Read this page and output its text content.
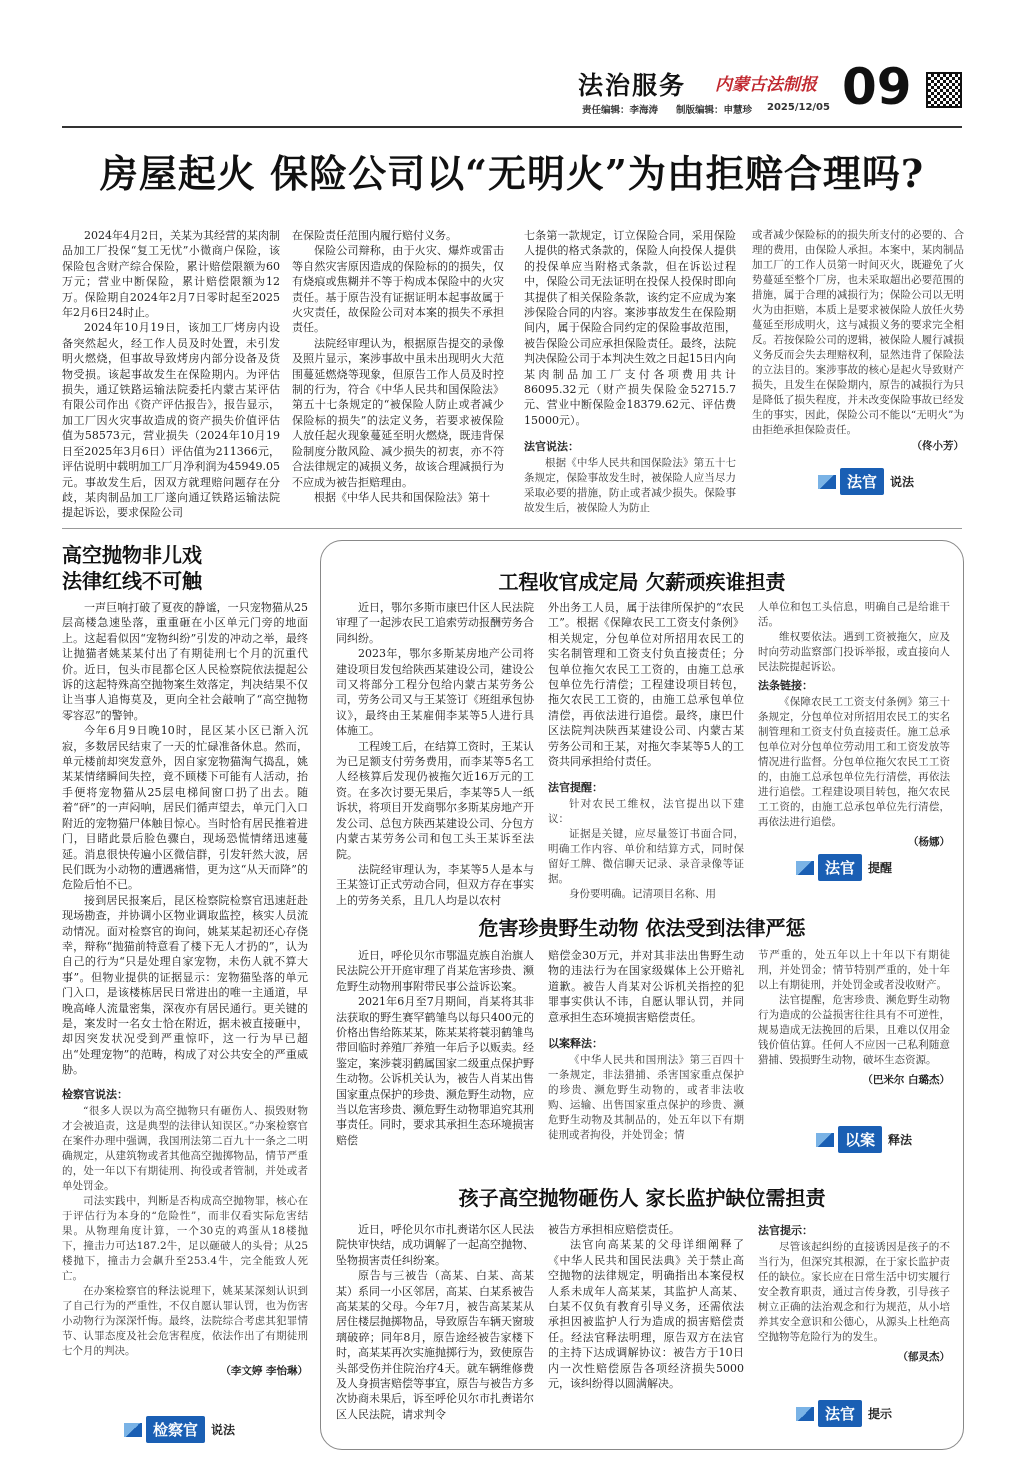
法治服务 内蒙古法制报 09
责任编辑：李海涛 制版编辑：申慧珍 2025/12/05
房屋起火 保险公司以“无明火”为由拒赔合理吗?

2024年4月2日，关某为其经营的某肉制品加工厂投保“复工无忧”小微商户保险，该保险包含财产综合保险，累计赔偿限额为60万元；营业中断保险，累计赔偿限额为12万。保险期自2024年2月7日零时起至2025年2月6日24时止。

2024年10月19日，该加工厂烤房内设备突然起火，经工作人员及时处置，未引发明火燃烧，但事故导致烤房内部分设备及货物受损。该起事故发生在保险期内。为评估损失，通辽铁路运输法院委托内蒙古某评估有限公司作出《资产评估报告》，报告显示，加工厂因火灾事故造成的资产损失价值评估值为58573元，营业损失（2024年10月19日至2025年3月6日）评估值为211366元，评估说明中载明加工厂月净利润为45949.05元。事故发生后，因双方就理赔问题存在分歧，某肉制品加工厂遂向通辽铁路运输法院提起诉讼，要求保险公司

在保险责任范围内履行赔付义务。

保险公司辩称，由于火灾、爆炸或雷击等自然灾害原因造成的保险标的的损失，仅有烧痕或焦糊并不等于构成本保险中的火灾责任。基于原告没有证据证明本起事故属于火灾责任，故保险公司对本案的损失不承担责任。

法院经审理认为，根据原告提交的录像及照片显示，案涉事故中虽未出现明火大范围蔓延燃烧等现象，但原告工作人员及时控制的行为，符合《中华人民共和国保险法》第五十七条规定的“被保险人防止或者减少保险标的损失”的法定义务，若要求被保险人放任起火现象蔓延至明火燃烧，既违背保险制度分散风险、减少损失的初衷，亦不符合法律规定的减损义务，故该合理减损行为不应成为被告拒赔理由。

根据《中华人民共和国保险法》第十

七条第一款规定，订立保险合同，采用保险人提供的格式条款的，保险人向投保人提供的投保单应当附格式条款，但在诉讼过程中，保险公司无法证明在投保人投保时即向其提供了相关保险条款，该约定不应成为案涉保险合同的内容。案涉事故发生在保险期间内，属于保险合同约定的保险事故范围，被告保险公司应承担保险责任。最终，法院判决保险公司于本判决生效之日起15日内向某肉制品加工厂支付各项费用共计86095.32元（财产损失保险金52715.7元、营业中断保险金18379.62元、评估费15000元）。

法官说法：

根据《中华人民共和国保险法》第五十七条规定，保险事故发生时，被保险人应当尽力采取必要的措施，防止或者减少损失。保险事故发生后，被保险人为防止

或者减少保险标的的损失所支付的必要的、合理的费用，由保险人承担。本案中，某肉制品加工厂的工作人员第一时间灭火，既避免了火势蔓延至整个厂房，也未采取超出必要范围的措施，属于合理的减损行为；保险公司以无明火为由拒赔，本质上是要求被保险人放任火势蔓延至形成明火，这与减损义务的要求完全相反。若按保险公司的逻辑，被保险人履行减损义务反而会失去理赔权利，显然违背了保险法的立法目的。案涉事故的核心是起火导致财产损失，且发生在保险期内，原告的减损行为只是降低了损失程度，并未改变保险事故已经发生的事实，因此，保险公司不能以“无明火”为由拒绝承担保险责任。

（佟小芳）
法官	说法
高空抛物非儿戏
法律红线不可触

一声巨响打破了夏夜的静谧，一只宠物猫从25层高楼急速坠落，重重砸在小区单元门旁的地面上。这起看似因“宠物纠纷”引发的冲动之举，最终让抛猫者姚某某付出了有期徒刑七个月的沉重代价。近日，包头市昆都仑区人民检察院依法提起公诉的这起特殊高空抛物案生效落定，判决结果不仅让当事人追悔莫及，更向全社会敲响了“高空抛物零容忍”的警钟。

今年6月9日晚10时，昆区某小区已渐入沉寂，多数居民结束了一天的忙碌准备休息。然而，单元楼前却突发意外，因自家宠物猫淘气捣乱，姚某某情绪瞬间失控，竟不顾楼下可能有人活动，抬手便将宠物猫从25层电梯间窗口扔了出去。随着“砰”的一声闷响，居民们循声望去，单元门入口附近的宠物猫尸体触目惊心。当时恰有居民推着进门，目睹此景后脸色骤白，现场恐慌情绪迅速蔓延。消息很快传遍小区微信群，引发轩然大波，居民们既为小动物的遭遇痛惜，更为这“从天而降”的危险后怕不已。

接到居民报案后，昆区检察院检察官迅速赶赴现场勘查，并协调小区物业调取监控，核实人员流动情况。面对检察官的询问，姚某某起初还心存侥幸，辩称“抛猫前特意看了楼下无人才扔的”，认为自己的行为“只是处理自家宠物，未伤人就不算大事”。但物业提供的证据显示：宠物猫坠落的单元门入口，是该楼栋居民日常进出的唯一主通道，早晚高峰人流量密集，深夜亦有居民通行。更关键的是，案发时一名女士恰在附近，据未被直接砸中，却因突发状况受到严重惊吓，这一行为早已超出“处理宠物”的范畴，构成了对公共安全的严重威胁。

检察官说法：

“很多人误以为高空抛物只有砸伤人、损毁财物才会被追责，这是典型的法律认知误区。”办案检察官在案件办理中强调，我国刑法第二百九十一条之二明确规定，从建筑物或者其他高空抛掷物品，情节严重的，处一年以下有期徒刑、拘役或者管制，并处或者单处罚金。

司法实践中，判断是否构成高空抛物罪，核心在于评估行为本身的“危险性”，而非仅看实际危害结果。从物理角度计算，一个30克的鸡蛋从18楼抛下，撞击力可达187.2牛，足以砸破人的头骨；从25楼抛下，撞击力会飙升至253.4牛，完全能致人死亡。

在办案检察官的释法说理下，姚某某深刻认识到了自己行为的严重性，不仅自愿认罪认罚，也为伤害小动物行为深深忏悔。最终，法院综合考虑其犯罪情节、认罪态度及社会危害程度，依法作出了有期徒刑七个月的判决。

（李文婷 李怡琳）
检察官	说法
工程收官成定局 欠薪顽疾谁担责

近日，鄂尔多斯市康巴什区人民法院审理了一起涉农民工追索劳动报酬劳务合同纠纷。

2023年，鄂尔多斯某房地产公司将建设项目发包给陕西某建设公司，建设公司又将部分工程分包给内蒙古某劳务公司，劳务公司又与王某签订《班组承包协议》，最终由王某雇佣李某等5人进行具体施工。

工程竣工后，在结算工资时，王某认为已足额支付劳务费用，而李某等5名工人经核算后发现仍被拖欠近16万元的工资。在多次讨要无果后，李某等5人一纸诉状，将项目开发商鄂尔多斯某房地产开发公司、总包方陕西某建设公司、分包方内蒙古某劳务公司和包工头王某诉至法院。

法院经审理认为，李某等5人是本与王某签订正式劳动合同，但双方存在事实上的劳务关系，且几人均是以农村

外出务工人员，属于法律所保护的“农民工”。根据《保障农民工工资支付条例》相关规定，分包单位对所招用农民工的实名制管理和工资支付负直接责任；分包单位拖欠农民工工资的，由施工总承包单位先行清偿；工程建设项目转包，拖欠农民工工资的，由施工总承包单位清偿，再依法进行追偿。最终，康巴什区法院判决陕西某建设公司、内蒙古某劳务公司和王某，对拖欠李某等5人的工资共同承担给付责任。

法官提醒：

针对农民工维权，法官提出以下建议：

证据是关键，应尽量签订书面合同，明确工作内容、单价和结算方式，同时保留好工牌、微信聊天记录、录音录像等证据。

身份要明确。记清项目名称、用

人单位和包工头信息，明确自己是给谁干活。

维权要依法。遇到工资被拖欠，应及时向劳动监察部门投诉举报，或直接向人民法院提起诉讼。

法条链接：

《保障农民工工资支付条例》第三十条规定，分包单位对所招用农民工的实名制管理和工资支付负直接责任。施工总承包单位对分包单位劳动用工和工资发放等情况进行监督。分包单位拖欠农民工工资的，由施工总承包单位先行清偿，再依法进行追偿。工程建设项目转包，拖欠农民工工资的，由施工总承包单位先行清偿，再依法进行追偿。

（杨娜）
法官	提醒
危害珍贵野生动物 依法受到法律严惩

近日，呼伦贝尔市鄂温克族自治旗人民法院公开开庭审理了肖某危害珍贵、濒危野生动物刑事附带民事公益诉讼案。

2021年6月至7月期间，肖某将其非法获取的野生赛罕鹤雏鸟以每只400元的价格出售给陈某某，陈某某将蓑羽鹤雏鸟带回临时养殖厂养殖一年后予以贩卖。经鉴定，案涉蓑羽鹤属国家二级重点保护野生动物。公诉机关认为，被告人肖某出售国家重点保护的珍贵、濒危野生动物，应当以危害珍贵、濒危野生动物罪追究其刑事责任。同时，要求其承担生态环境损害赔偿

赔偿金30万元，并对其非法出售野生动物的违法行为在国家级媒体上公开赔礼道歉。被告人肖某对公诉机关指控的犯罪事实供认不讳，自愿认罪认罚，并同意承担生态环境损害赔偿责任。

以案释法：

《中华人民共和国刑法》第三百四十一条规定，非法猎捕、杀害国家重点保护的珍贵、濒危野生动物的，或者非法收购、运输、出售国家重点保护的珍贵、濒危野生动物及其制品的，处五年以下有期徒刑或者拘役，并处罚金；情

节严重的，处五年以上十年以下有期徒刑，并处罚金；情节特别严重的，处十年以上有期徒刑，并处罚金或者没收财产。

法官提醒，危害珍贵、濒危野生动物行为造成的公益损害往往具有不可逆性，规易造成无法挽回的后果，且难以仅用金钱价值估算。任何人不应因一己私利随意猎捕、毁损野生动物，破坏生态资源。

（巴米尔 白璐杰）
以案	释法
孩子高空抛物砸伤人 家长监护缺位需担责

近日，呼伦贝尔市扎赉诺尔区人民法院快审快结，成功调解了一起高空抛物、坠物损害责任纠纷案。

原告与三被告（高某、白某、高某某）系同一小区邻居，高某、白某系被告高某某的父母。今年7月，被告高某某从居住楼层抛掷物品，导致原告车辆天窗玻璃破碎；同年8月，原告途经被告家楼下时，高某某再次实施抛掷行为，致使原告头部受伤并住院治疗4天。就车辆维修费及人身损害赔偿等事宜，原告与被告方多次协商未果后，诉至呼伦贝尔市扎赉诺尔区人民法院，请求判令

被告方承担相应赔偿责任。

法官向高某某的父母详细阐释了《中华人民共和国民法典》关于禁止高空抛物的法律规定，明确指出本案侵权人系未成年人高某某，其监护人高某、白某不仅负有教育引导义务，还需依法承担因被监护人行为造成的损害赔偿责任。经法官释法明理，原告双方在法官的主持下达成调解协议：被告方于10日内一次性赔偿原告各项经济损失5000元，该纠纷得以圆满解决。

法官提示：

尽管该起纠纷的直接诱因是孩子的不当行为，但深究其根源，在于家长监护责任的缺位。家长应在日常生活中切实履行安全教育职责，通过言传身教，引导孩子树立正确的法治观念和行为规范，从小培养其安全意识和公德心，从源头上杜绝高空抛物等危险行为的发生。

（郁灵杰）
法官	提示
